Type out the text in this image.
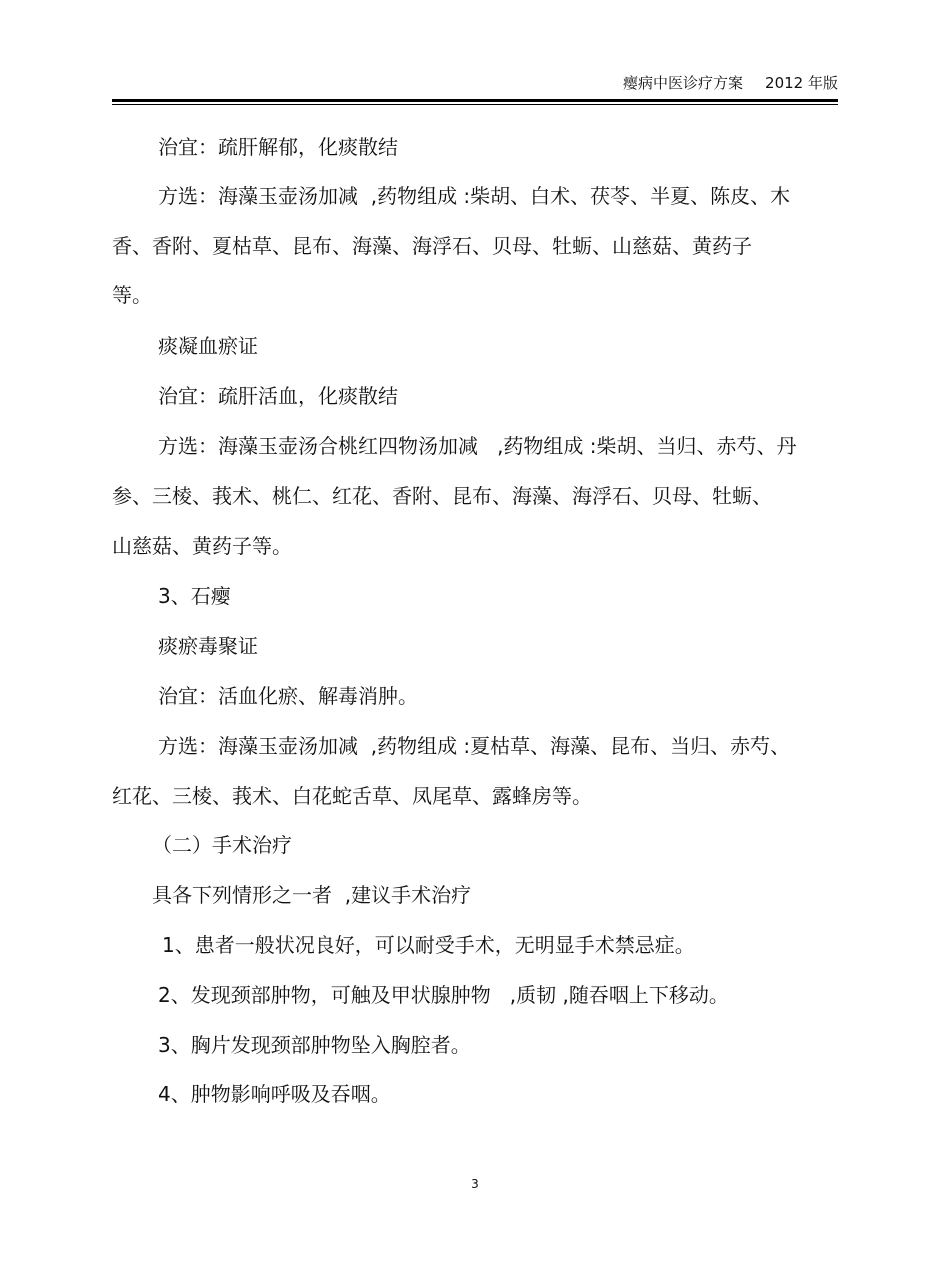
瘿病中医诊疗方案 2012 年版
治宜：疏肝解郁，化痰散结
方选：海藻玉壶汤加减  ,药物组成 :柴胡、白术、茯苓、半夏、陈皮、木
香、香附、夏枯草、昆布、海藻、海浮石、贝母、牡蛎、山慈菇、黄药子
等。
痰凝血瘀证
治宜：疏肝活血，化痰散结
方选：海藻玉壶汤合桃红四物汤加减   ,药物组成 :柴胡、当归、赤芍、丹
参、三棱、莪术、桃仁、红花、香附、昆布、海藻、海浮石、贝母、牡蛎、
山慈菇、黄药子等。
3、石瘿
痰瘀毒聚证
治宜：活血化瘀、解毒消肿。
方选：海藻玉壶汤加减  ,药物组成 :夏枯草、海藻、昆布、当归、赤芍、
红花、三棱、莪术、白花蛇舌草、凤尾草、露蜂房等。
（二）手术治疗
具各下列情形之一者  ,建议手术治疗
1、患者一般状况良好，可以耐受手术，无明显手术禁忌症。
2、发现颈部肿物，可触及甲状腺肿物   ,质韧 ,随吞咽上下移动。
3、胸片发现颈部肿物坠入胸腔者。
4、肿物影响呼吸及吞咽。
3
